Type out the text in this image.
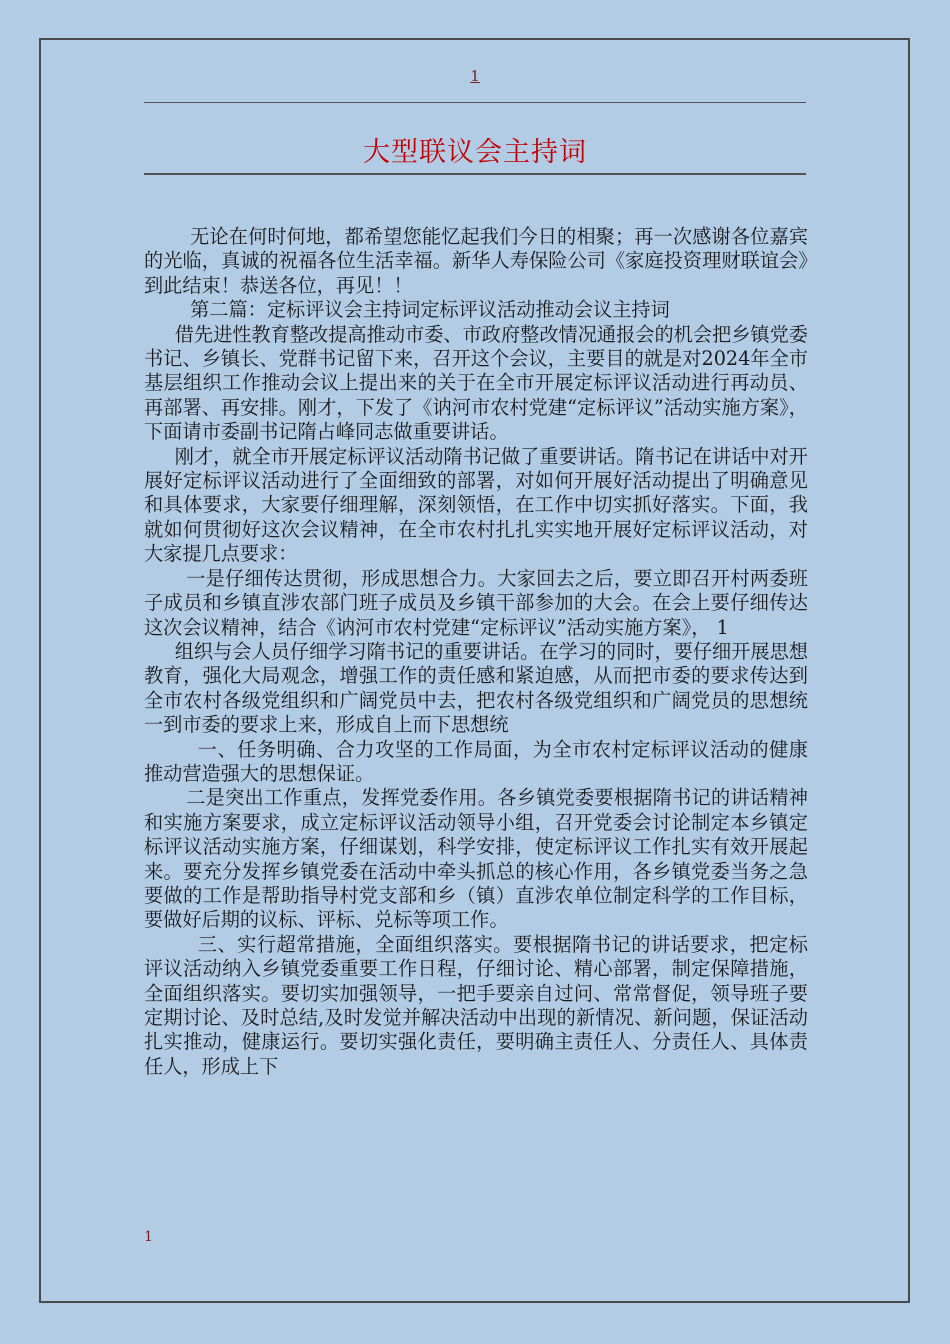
1
大型联议会主持词

无论在何时何地，都希望您能忆起我们今日的相聚；再一次感谢各位嘉宾的光临，真诚的祝福各位生活幸福。新华人寿保险公司《家庭投资理财联谊会》到此结束！恭送各位，再见！！

第二篇：定标评议会主持词定标评议活动推动会议主持词

借先进性教育整改提高推动市委、市政府整改情况通报会的机会把乡镇党委书记、乡镇长、党群书记留下来，召开这个会议，主要目的就是对2024年全市基层组织工作推动会议上提出来的关于在全市开展定标评议活动进行再动员、再部署、再安排。刚才，下发了《讷河市农村党建“定标评议”活动实施方案》，下面请市委副书记隋占峰同志做重要讲话。

刚才，就全市开展定标评议活动隋书记做了重要讲话。隋书记在讲话中对开展好定标评议活动进行了全面细致的部署，对如何开展好活动提出了明确意见和具体要求，大家要仔细理解，深刻领悟，在工作中切实抓好落实。下面，我就如何贯彻好这次会议精神，在全市农村扎扎实实地开展好定标评议活动，对大家提几点要求：

一是仔细传达贯彻，形成思想合力。大家回去之后，要立即召开村两委班子成员和乡镇直涉农部门班子成员及乡镇干部参加的大会。在会上要仔细传达这次会议精神，结合《讷河市农村党建“定标评议”活动实施方案》， 1

组织与会人员仔细学习隋书记的重要讲话。在学习的同时，要仔细开展思想教育，强化大局观念，增强工作的责任感和紧迫感，从而把市委的要求传达到全市农村各级党组织和广阔党员中去，把农村各级党组织和广阔党员的思想统一到市委的要求上来，形成自上而下思想统

一、任务明确、合力攻坚的工作局面，为全市农村定标评议活动的健康推动营造强大的思想保证。

二是突出工作重点，发挥党委作用。各乡镇党委要根据隋书记的讲话精神和实施方案要求，成立定标评议活动领导小组，召开党委会讨论制定本乡镇定标评议活动实施方案，仔细谋划，科学安排，使定标评议工作扎实有效开展起来。要充分发挥乡镇党委在活动中牵头抓总的核心作用，各乡镇党委当务之急要做的工作是帮助指导村党支部和乡（镇）直涉农单位制定科学的工作目标，要做好后期的议标、评标、兑标等项工作。

三、实行超常措施，全面组织落实。要根据隋书记的讲话要求，把定标评议活动纳入乡镇党委重要工作日程，仔细讨论、精心部署，制定保障措施，全面组织落实。要切实加强领导，一把手要亲自过问、常常督促，领导班子要定期讨论、及时总结,及时发觉并解决活动中出现的新情况、新问题，保证活动扎实推动，健康运行。要切实强化责任，要明确主责任人、分责任人、具体责任人，形成上下

1
